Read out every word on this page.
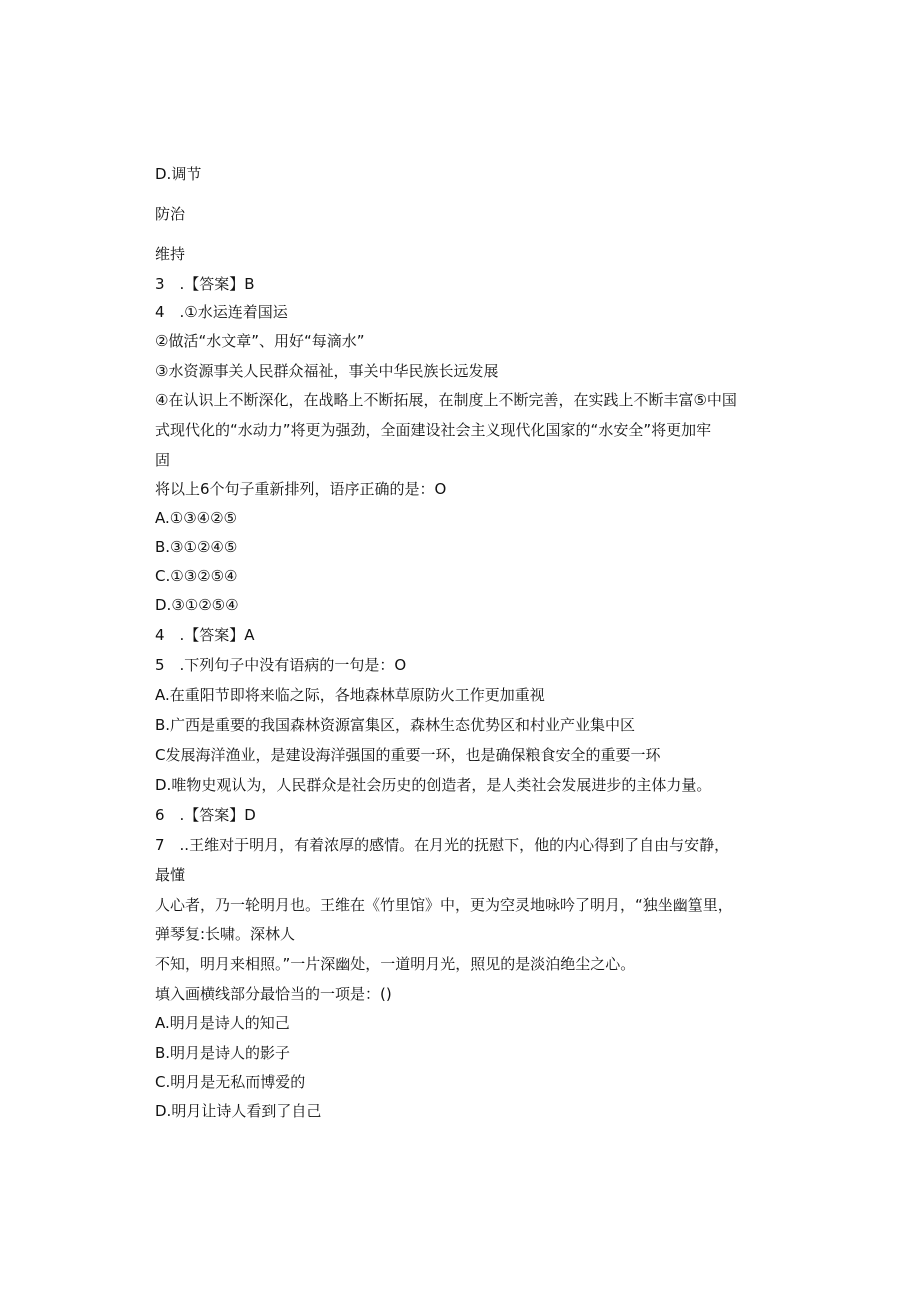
D.调节
防治
维持
3　.【答案】B
4　.①水运连着国运
②做活“水文章”、用好“每滴水”
③水资源事关人民群众福祉，事关中华民族长远发展
④在认识上不断深化，在战略上不断拓展，在制度上不断完善，在实践上不断丰富⑤中国
式现代化的“水动力”将更为强劲，全面建设社会主义现代化国家的“水安全”将更加牢
固
将以上6个句子重新排列，语序正确的是：O
A.①③④②⑤
B.③①②④⑤
C.①③②⑤④
D.③①②⑤④
4　.【答案】A
5　.下列句子中没有语病的一句是：O
A.在重阳节即将来临之际，各地森林草原防火工作更加重视
B.广西是重要的我国森林资源富集区，森林生态优势区和村业产业集中区
C发展海洋渔业，是建设海洋强国的重要一环，也是确保粮食安全的重要一环
D.唯物史观认为，人民群众是社会历史的创造者，是人类社会发展进步的主体力量。
6　.【答案】D
7　..王维对于明月，有着浓厚的感情。在月光的抚慰下，他的内心得到了自由与安静，
最懂
人心者，乃一轮明月也。王维在《竹里馆》中，更为空灵地咏吟了明月，“独坐幽篁里，
弹琴复:长啸。深林人
不知，明月来相照。”一片深幽处，一道明月光，照见的是淡泊绝尘之心。
填入画横线部分最恰当的一项是：()
A.明月是诗人的知己
B.明月是诗人的影子
C.明月是无私而博爱的
D.明月让诗人看到了自己
